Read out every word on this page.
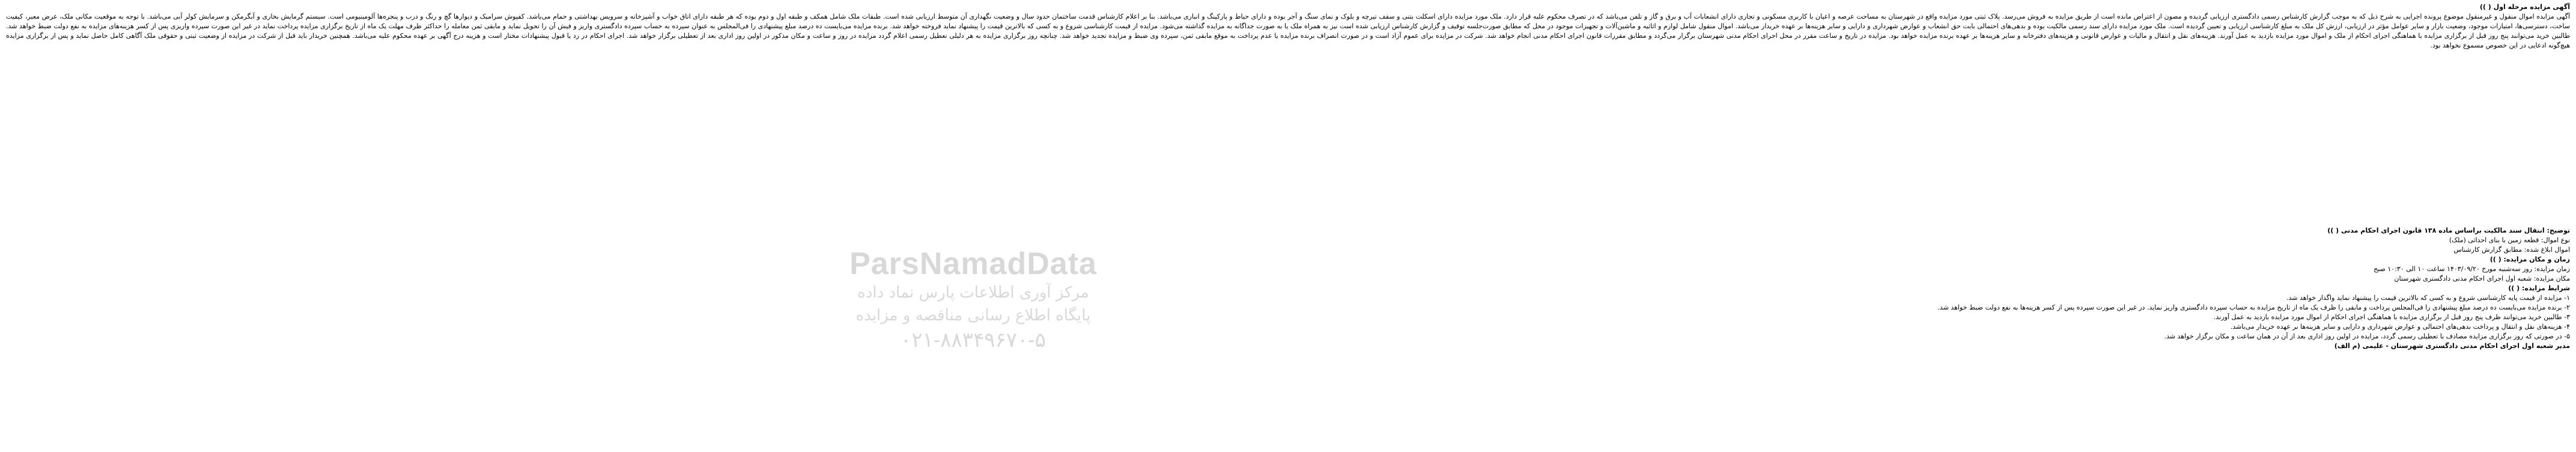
آگهی مزایده مرحله اول ( ))
آگهی مزایده اموال منقول و غیرمنقول موضوع پرونده اجرایی به شرح ذیل که به موجب گزارش کارشناس رسمی دادگستری ارزیابی گردیده و مصون از اعتراض مانده است از طریق مزایده به فروش می‌رسد. پلاک ثبتی مورد مزایده واقع در شهرستان به مساحت عرصه و اعیان با کاربری مسکونی و تجاری دارای انشعابات آب و برق و گاز و تلفن می‌باشد که در تصرف محکوم علیه قرار دارد. ملک مورد مزایده دارای اسکلت بتنی و سقف تیرچه و بلوک و نمای سنگ و آجر بوده و دارای حیاط و پارکینگ و انباری می‌باشد. بنا بر اعلام کارشناس قدمت ساختمان حدود سال و وضعیت نگهداری آن متوسط ارزیابی شده است. طبقات ملک شامل همکف و طبقه اول و دوم بوده که هر طبقه دارای اتاق خواب و آشپزخانه و سرویس بهداشتی و حمام می‌باشد. کفپوش سرامیک و دیوارها گچ و رنگ و درب و پنجره‌ها آلومینیومی است. سیستم گرمایش بخاری و آبگرمکن و سرمایش کولر آبی می‌باشد. با توجه به موقعیت مکانی ملک، عرض معبر، کیفیت ساخت، دسترسی‌ها، امتیازات موجود، وضعیت بازار و سایر عوامل مؤثر در ارزیابی، ارزش کل ملک به مبلغ کارشناسی ارزیابی و تعیین گردیده است. ملک مورد مزایده دارای سند رسمی مالکیت بوده و بدهی‌های احتمالی بابت حق انشعاب و عوارض شهرداری و دارایی و سایر هزینه‌ها بر عهده خریدار می‌باشد. اموال منقول شامل لوازم و اثاثیه و ماشین‌آلات و تجهیزات موجود در محل که مطابق صورت‌جلسه توقیف و گزارش کارشناس ارزیابی شده است نیز به همراه ملک یا به صورت جداگانه به مزایده گذاشته می‌شود. مزایده از قیمت کارشناسی شروع و به کسی که بالاترین قیمت را پیشنهاد نماید فروخته خواهد شد. برنده مزایده می‌بایست ده درصد مبلغ پیشنهادی را فی‌المجلس به عنوان سپرده به حساب سپرده دادگستری واریز و فیش آن را تحویل نماید و مابقی ثمن معامله را حداکثر ظرف مهلت یک ماه از تاریخ برگزاری مزایده پرداخت نماید در غیر این صورت سپرده واریزی پس از کسر هزینه‌های مزایده به نفع دولت ضبط خواهد شد. طالبین خرید می‌توانند پنج روز قبل از برگزاری مزایده با هماهنگی اجرای احکام از ملک و اموال مورد مزایده بازدید به عمل آورند. هزینه‌های نقل و انتقال و مالیات و عوارض قانونی و هزینه‌های دفترخانه و سایر هزینه‌ها بر عهده برنده مزایده خواهد بود. مزایده در تاریخ و ساعت مقرر در محل اجرای احکام مدنی شهرستان برگزار می‌گردد و مطابق مقررات قانون اجرای احکام مدنی انجام خواهد شد. شرکت در مزایده برای عموم آزاد است و در صورت انصراف برنده مزایده یا عدم پرداخت به موقع مابقی ثمن، سپرده وی ضبط و مزایده تجدید خواهد شد. چنانچه روز برگزاری مزایده به هر دلیلی تعطیل رسمی اعلام گردد مزایده در روز و ساعت و مکان مذکور در اولین روز اداری بعد از تعطیلی برگزار خواهد شد. اجرای احکام در رد یا قبول پیشنهادات مختار است و هزینه درج آگهی بر عهده محکوم علیه می‌باشد. همچنین خریدار باید قبل از شرکت در مزایده از وضعیت ثبتی و حقوقی ملک آگاهی کامل حاصل نماید و پس از برگزاری مزایده هیچ‌گونه ادعایی در این خصوص مسموع نخواهد بود.
توضیح: انتقال سند مالکیت براساس ماده ۱۳۸ قانون اجرای احکام مدنی ( ))
نوع اموال: قطعه زمین با بنای احداثی (ملک)
اموال ابلاغ شده: مطابق گزارش کارشناس
زمان و مکان مزایده: ( ))
زمان مزایده: روز سه‌شنبه مورخ ۱۴۰۳/۰۹/۲۰ ساعت ۱۰ الی ۱۰:۳۰ صبح
مکان مزایده: شعبه اول اجرای احکام مدنی دادگستری شهرستان
شرایط مزایده: ( ))
۱- مزایده از قیمت پایه کارشناسی شروع و به کسی که بالاترین قیمت را پیشنهاد نماید واگذار خواهد شد.
۲- برنده مزایده می‌بایست ده درصد مبلغ پیشنهادی را فی‌المجلس پرداخت و مابقی را ظرف یک ماه از تاریخ مزایده به حساب سپرده دادگستری واریز نماید. در غیر این صورت سپرده پس از کسر هزینه‌ها به نفع دولت ضبط خواهد شد.
۳- طالبین خرید می‌توانند ظرف پنج روز قبل از برگزاری مزایده با هماهنگی اجرای احکام از اموال مورد مزایده بازدید به عمل آورند.
۴- هزینه‌های نقل و انتقال و پرداخت بدهی‌های احتمالی و عوارض شهرداری و دارایی و سایر هزینه‌ها بر عهده خریدار می‌باشد.
۵- در صورتی که روز برگزاری مزایده مصادف با تعطیلی رسمی گردد، مزایده در اولین روز اداری بعد از آن در همان ساعت و مکان برگزار خواهد شد.
مدیر شعبه اول اجرای احکام مدنی دادگستری شهرستان - علیمی (م الف)
ParsNamadData
مرکز آوری اطلاعات پارس نماد داده
پایگاه اطلاع رسانی مناقصه و مزایده
۰۲۱-۸۸۳۴۹۶۷۰-۵
